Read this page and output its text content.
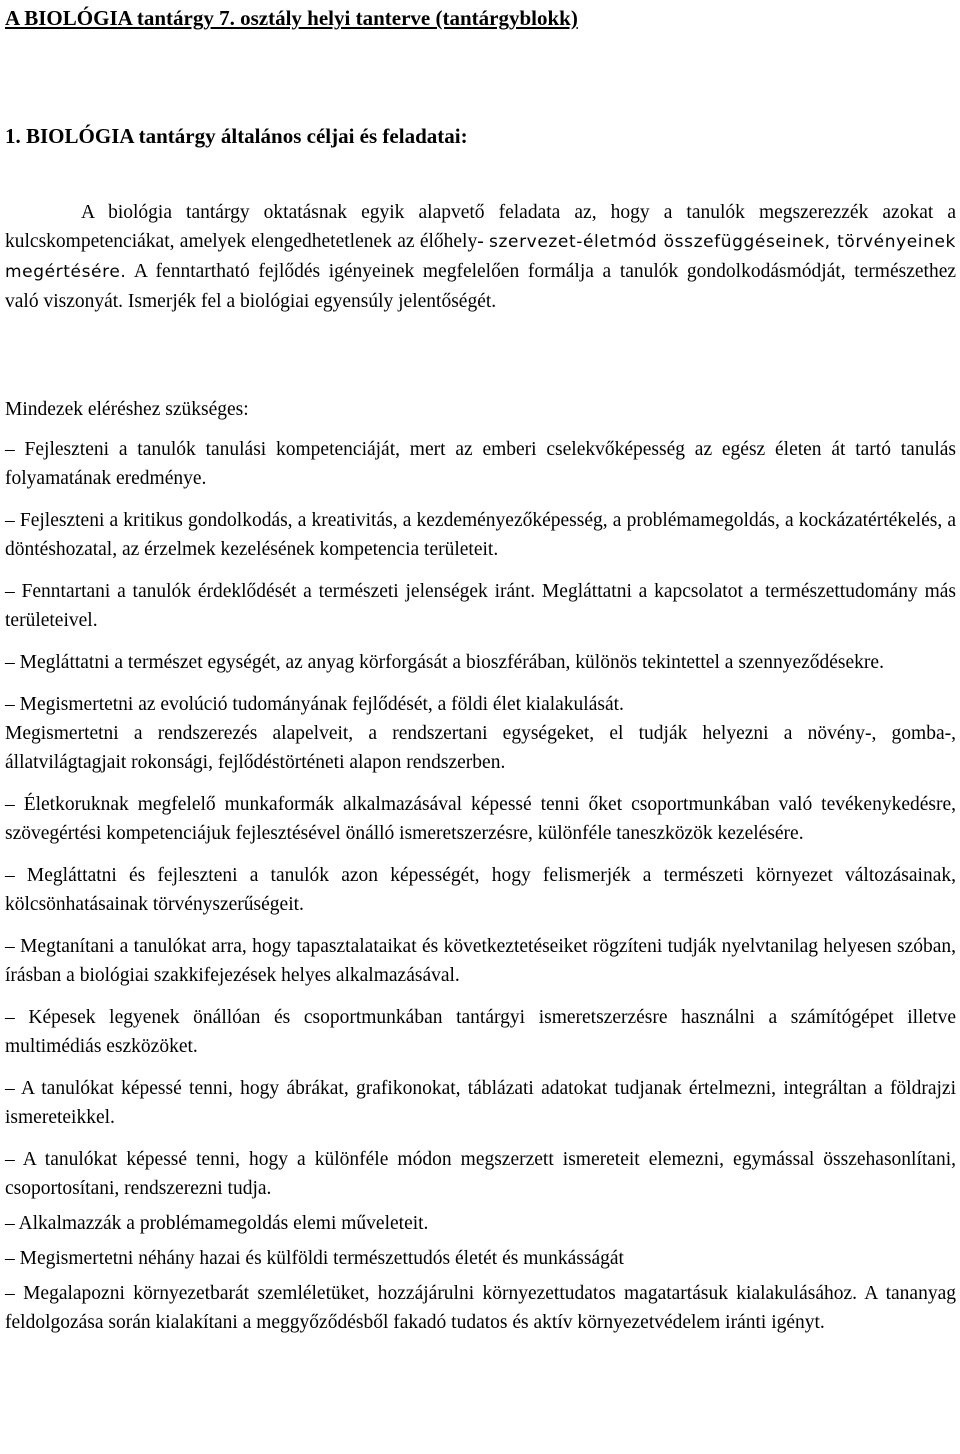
A BIOLÓGIA tantárgy 7. osztály helyi tanterve (tantárgyblokk)
1. BIOLÓGIA tantárgy általános céljai és feladatai:

A biológia tantárgy oktatásnak egyik alapvető feladata az, hogy a tanulók megszerezzék azokat a kulcskompetenciákat, amelyek elengedhetetlenek az élőhely- szervezet-életmód összefüggéseinek, törvényeinek megértésére. A fenntartható fejlődés igényeinek megfelelően formálja a tanulók gondolkodásmódját, természethez való viszonyát. Ismerjék fel a biológiai egyensúly jelentőségét.

Mindezek eléréshez szükséges:

– Fejleszteni a tanulók tanulási kompetenciáját, mert az emberi cselekvőképesség az egész életen át tartó tanulás folyamatának eredménye.

– Fejleszteni a kritikus gondolkodás, a kreativitás, a kezdeményezőképesség, a problémamegoldás, a kockázatértékelés, a döntéshozatal, az érzelmek kezelésének kompetencia területeit.

– Fenntartani a tanulók érdeklődését a természeti jelenségek iránt. Megláttatni a kapcsolatot a természettudomány más területeivel.

– Megláttatni a természet egységét, az anyag körforgását a bioszférában, különös tekintettel a szennyeződésekre.

– Megismertetni az evolúció tudományának fejlődését, a földi élet kialakulását.

Megismertetni a rendszerezés alapelveit, a rendszertani egységeket, el tudják helyezni a növény-, gomba-, állatvilágtagjait rokonsági, fejlődéstörténeti alapon rendszerben.

– Életkoruknak megfelelő munkaformák alkalmazásával képessé tenni őket csoportmunkában való tevékenykedésre, szövegértési kompetenciájuk fejlesztésével önálló ismeretszerzésre, különféle taneszközök kezelésére.

– Megláttatni és fejleszteni a tanulók azon képességét, hogy felismerjék a természeti környezet változásainak, kölcsönhatásainak törvényszerűségeit.

– Megtanítani a tanulókat arra, hogy tapasztalataikat és következtetéseiket rögzíteni tudják nyelvtanilag helyesen szóban, írásban a biológiai szakkifejezések helyes alkalmazásával.

– Képesek legyenek önállóan és csoportmunkában tantárgyi ismeretszerzésre használni a számítógépet illetve multimédiás eszközöket.

– A tanulókat képessé tenni, hogy ábrákat, grafikonokat, táblázati adatokat tudjanak értelmezni, integráltan a földrajzi ismereteikkel.

– A tanulókat képessé tenni, hogy a különféle módon megszerzett ismereteit elemezni, egymással összehasonlítani, csoportosítani, rendszerezni tudja.

– Alkalmazzák a problémamegoldás elemi műveleteit.

– Megismertetni néhány hazai és külföldi természettudós életét és munkásságát

– Megalapozni környezetbarát szemléletüket, hozzájárulni környezettudatos magatartásuk kialakulásához. A tananyag feldolgozása során kialakítani a meggyőződésből fakadó tudatos és aktív környezetvédelem iránti igényt.
